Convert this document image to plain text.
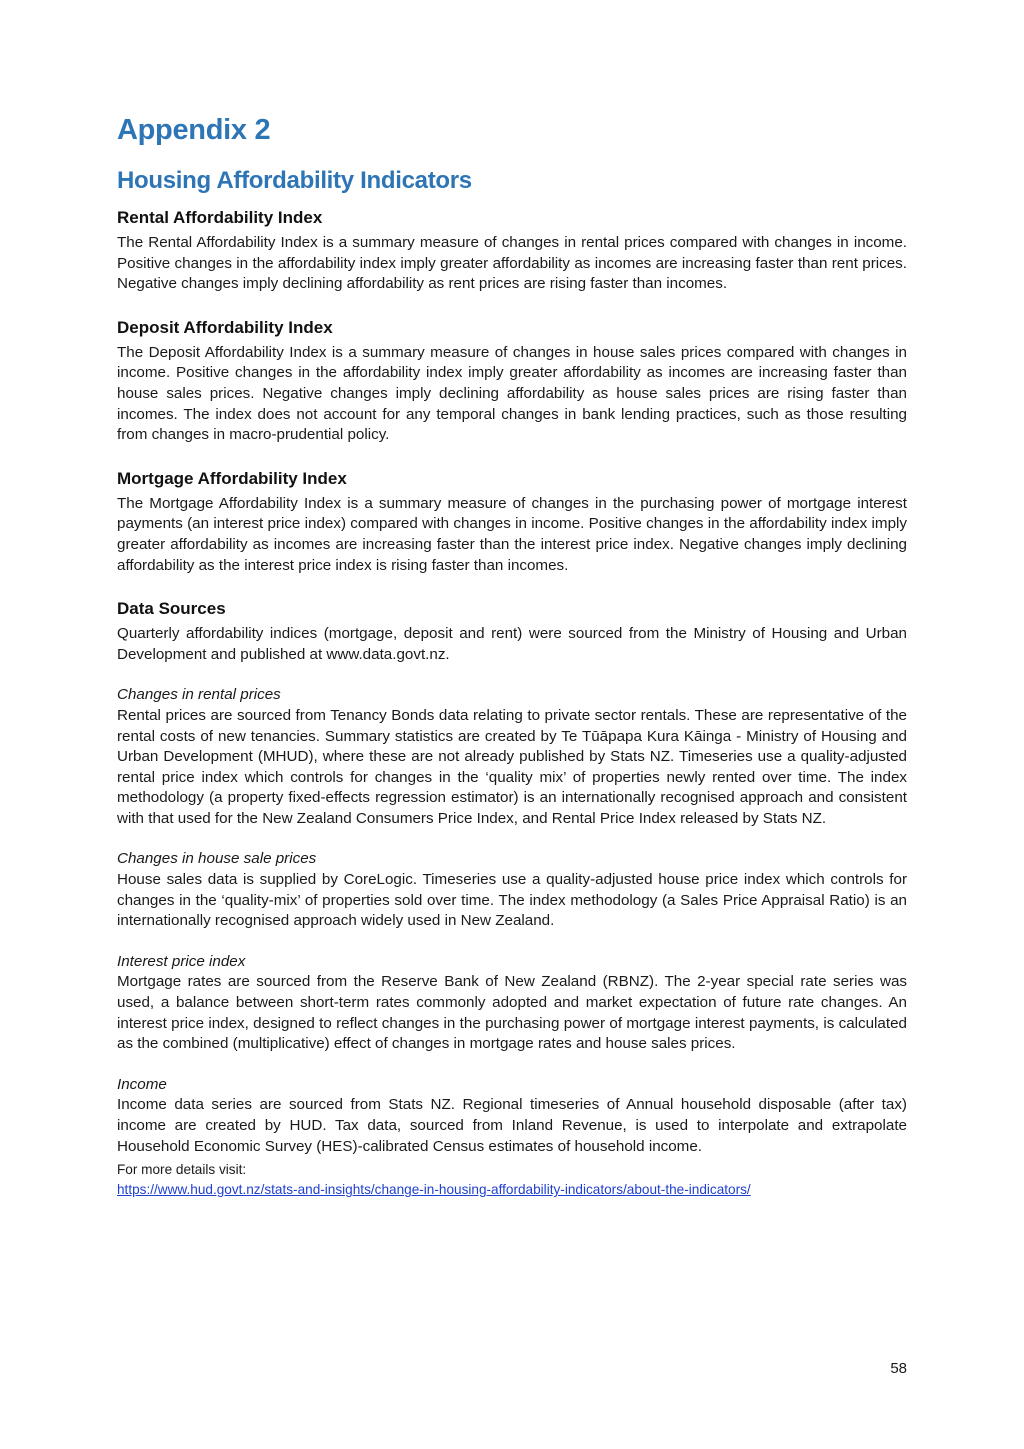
Appendix 2
Housing Affordability Indicators
Rental Affordability Index

The Rental Affordability Index is a summary measure of changes in rental prices compared with changes in income. Positive changes in the affordability index imply greater affordability as incomes are increasing faster than rent prices. Negative changes imply declining affordability as rent prices are rising faster than incomes.

Deposit Affordability Index

The Deposit Affordability Index is a summary measure of changes in house sales prices compared with changes in income. Positive changes in the affordability index imply greater affordability as incomes are increasing faster than house sales prices. Negative changes imply declining affordability as house sales prices are rising faster than incomes. The index does not account for any temporal changes in bank lending practices, such as those resulting from changes in macro-prudential policy.

Mortgage Affordability Index

The Mortgage Affordability Index is a summary measure of changes in the purchasing power of mortgage interest payments (an interest price index) compared with changes in income. Positive changes in the affordability index imply greater affordability as incomes are increasing faster than the interest price index. Negative changes imply declining affordability as the interest price index is rising faster than incomes.

Data Sources

Quarterly affordability indices (mortgage, deposit and rent) were sourced from the Ministry of Housing and Urban Development and published at www.data.govt.nz.

Changes in rental prices

Rental prices are sourced from Tenancy Bonds data relating to private sector rentals. These are representative of the rental costs of new tenancies. Summary statistics are created by Te Tūāpapa Kura Kāinga - Ministry of Housing and Urban Development (MHUD), where these are not already published by Stats NZ. Timeseries use a quality-adjusted rental price index which controls for changes in the ‘quality mix’ of properties newly rented over time. The index methodology (a property fixed-effects regression estimator) is an internationally recognised approach and consistent with that used for the New Zealand Consumers Price Index, and Rental Price Index released by Stats NZ.

Changes in house sale prices

House sales data is supplied by CoreLogic. Timeseries use a quality-adjusted house price index which controls for changes in the ‘quality-mix’ of properties sold over time. The index methodology (a Sales Price Appraisal Ratio) is an internationally recognised approach widely used in New Zealand.

Interest price index

Mortgage rates are sourced from the Reserve Bank of New Zealand (RBNZ). The 2-year special rate series was used, a balance between short-term rates commonly adopted and market expectation of future rate changes. An interest price index, designed to reflect changes in the purchasing power of mortgage interest payments, is calculated as the combined (multiplicative) effect of changes in mortgage rates and house sales prices.

Income

Income data series are sourced from Stats NZ. Regional timeseries of Annual household disposable (after tax) income are created by HUD. Tax data, sourced from Inland Revenue, is used to interpolate and extrapolate Household Economic Survey (HES)-calibrated Census estimates of household income.

For more details visit:

https://www.hud.govt.nz/stats-and-insights/change-in-housing-affordability-indicators/about-the-indicators/
58
